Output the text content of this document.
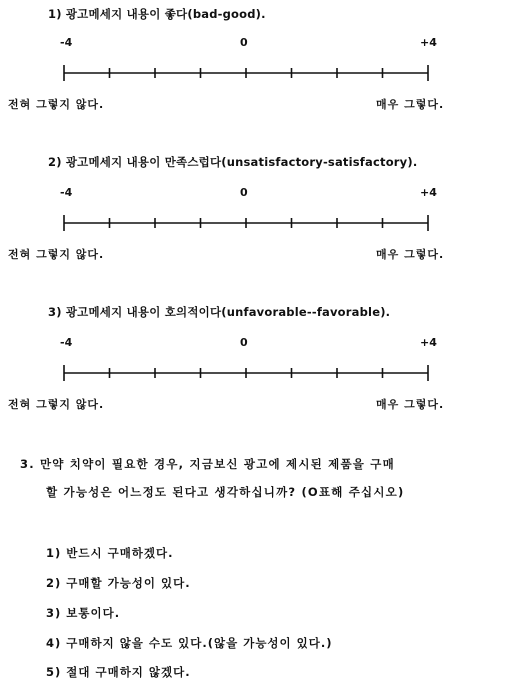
1) 광고메세지 내용이 좋다(bad-good).
-4	0	+4
전혀 그렇지 않다.	매우 그렇다.
2) 광고메세지 내용이 만족스럽다(unsatisfactory-satisfactory).
-4	0	+4
전혀 그렇지 않다.	매우 그렇다.
3) 광고메세지 내용이 호의적이다(unfavorable--favorable).
-4	0	+4
전혀 그렇지 않다.	매우 그렇다.
3. 만약 치약이 필요한 경우, 지금보신 광고에 제시된 제품을 구매
할 가능성은 어느정도 된다고 생각하십니까? (O표해 주십시오)
1) 반드시 구매하겠다.
2) 구매할 가능성이 있다.
3) 보통이다.
4) 구매하지 않을 수도 있다.(않을 가능성이 있다.)
5) 절대 구매하지 않겠다.
